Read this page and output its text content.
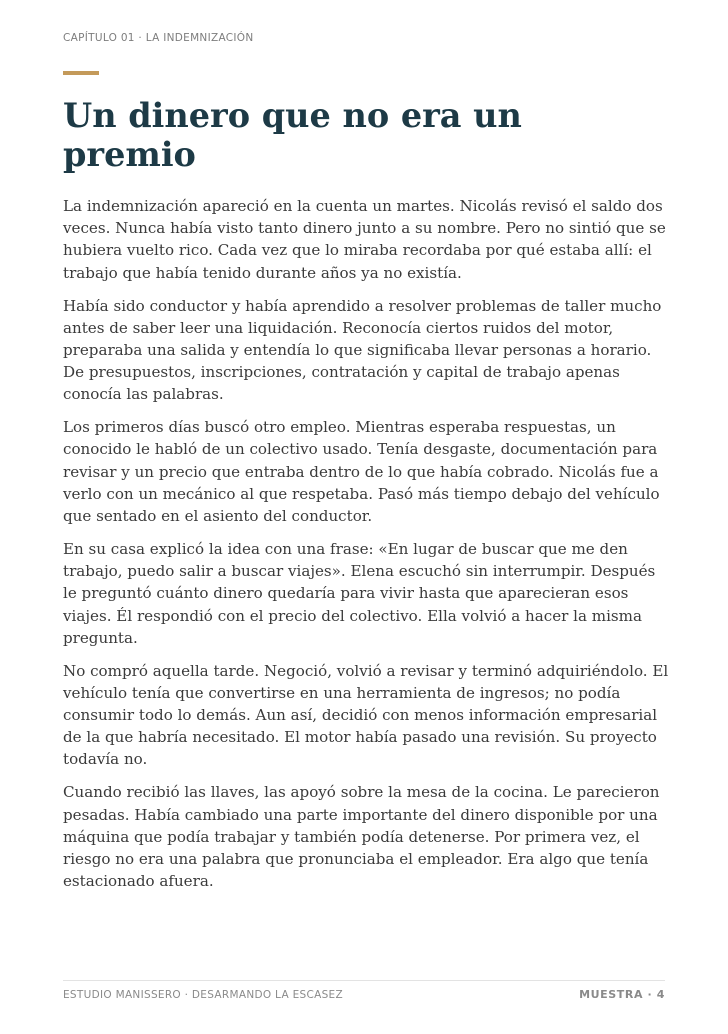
CAPÍTULO 01 · LA INDEMNIZACIÓN
Un dinero que no era un premio

La indemnización apareció en la cuenta un martes. Nicolás revisó el saldo dos veces. Nunca había visto tanto dinero junto a su nombre. Pero no sintió que se hubiera vuelto rico. Cada vez que lo miraba recordaba por qué estaba allí: el trabajo que había tenido durante años ya no existía.

Había sido conductor y había aprendido a resolver problemas de taller mucho antes de saber leer una liquidación. Reconocía ciertos ruidos del motor, preparaba una salida y entendía lo que significaba llevar personas a horario. De presupuestos, inscripciones, contratación y capital de trabajo apenas conocía las palabras.

Los primeros días buscó otro empleo. Mientras esperaba respuestas, un conocido le habló de un colectivo usado. Tenía desgaste, documentación para revisar y un precio que entraba dentro de lo que había cobrado. Nicolás fue a verlo con un mecánico al que respetaba. Pasó más tiempo debajo del vehículo que sentado en el asiento del conductor.

En su casa explicó la idea con una frase: «En lugar de buscar que me den trabajo, puedo salir a buscar viajes». Elena escuchó sin interrumpir. Después le preguntó cuánto dinero quedaría para vivir hasta que aparecieran esos viajes. Él respondió con el precio del colectivo. Ella volvió a hacer la misma pregunta.

No compró aquella tarde. Negoció, volvió a revisar y terminó adquiriéndolo. El vehículo tenía que convertirse en una herramienta de ingresos; no podía consumir todo lo demás. Aun así, decidió con menos información empresarial de la que habría necesitado. El motor había pasado una revisión. Su proyecto todavía no.

Cuando recibió las llaves, las apoyó sobre la mesa de la cocina. Le parecieron pesadas. Había cambiado una parte importante del dinero disponible por una máquina que podía trabajar y también podía detenerse. Por primera vez, el riesgo no era una palabra que pronunciaba el empleador. Era algo que tenía estacionado afuera.

ESTUDIO MANISSERO · DESARMANDO LA ESCASEZ	MUESTRA · 4
